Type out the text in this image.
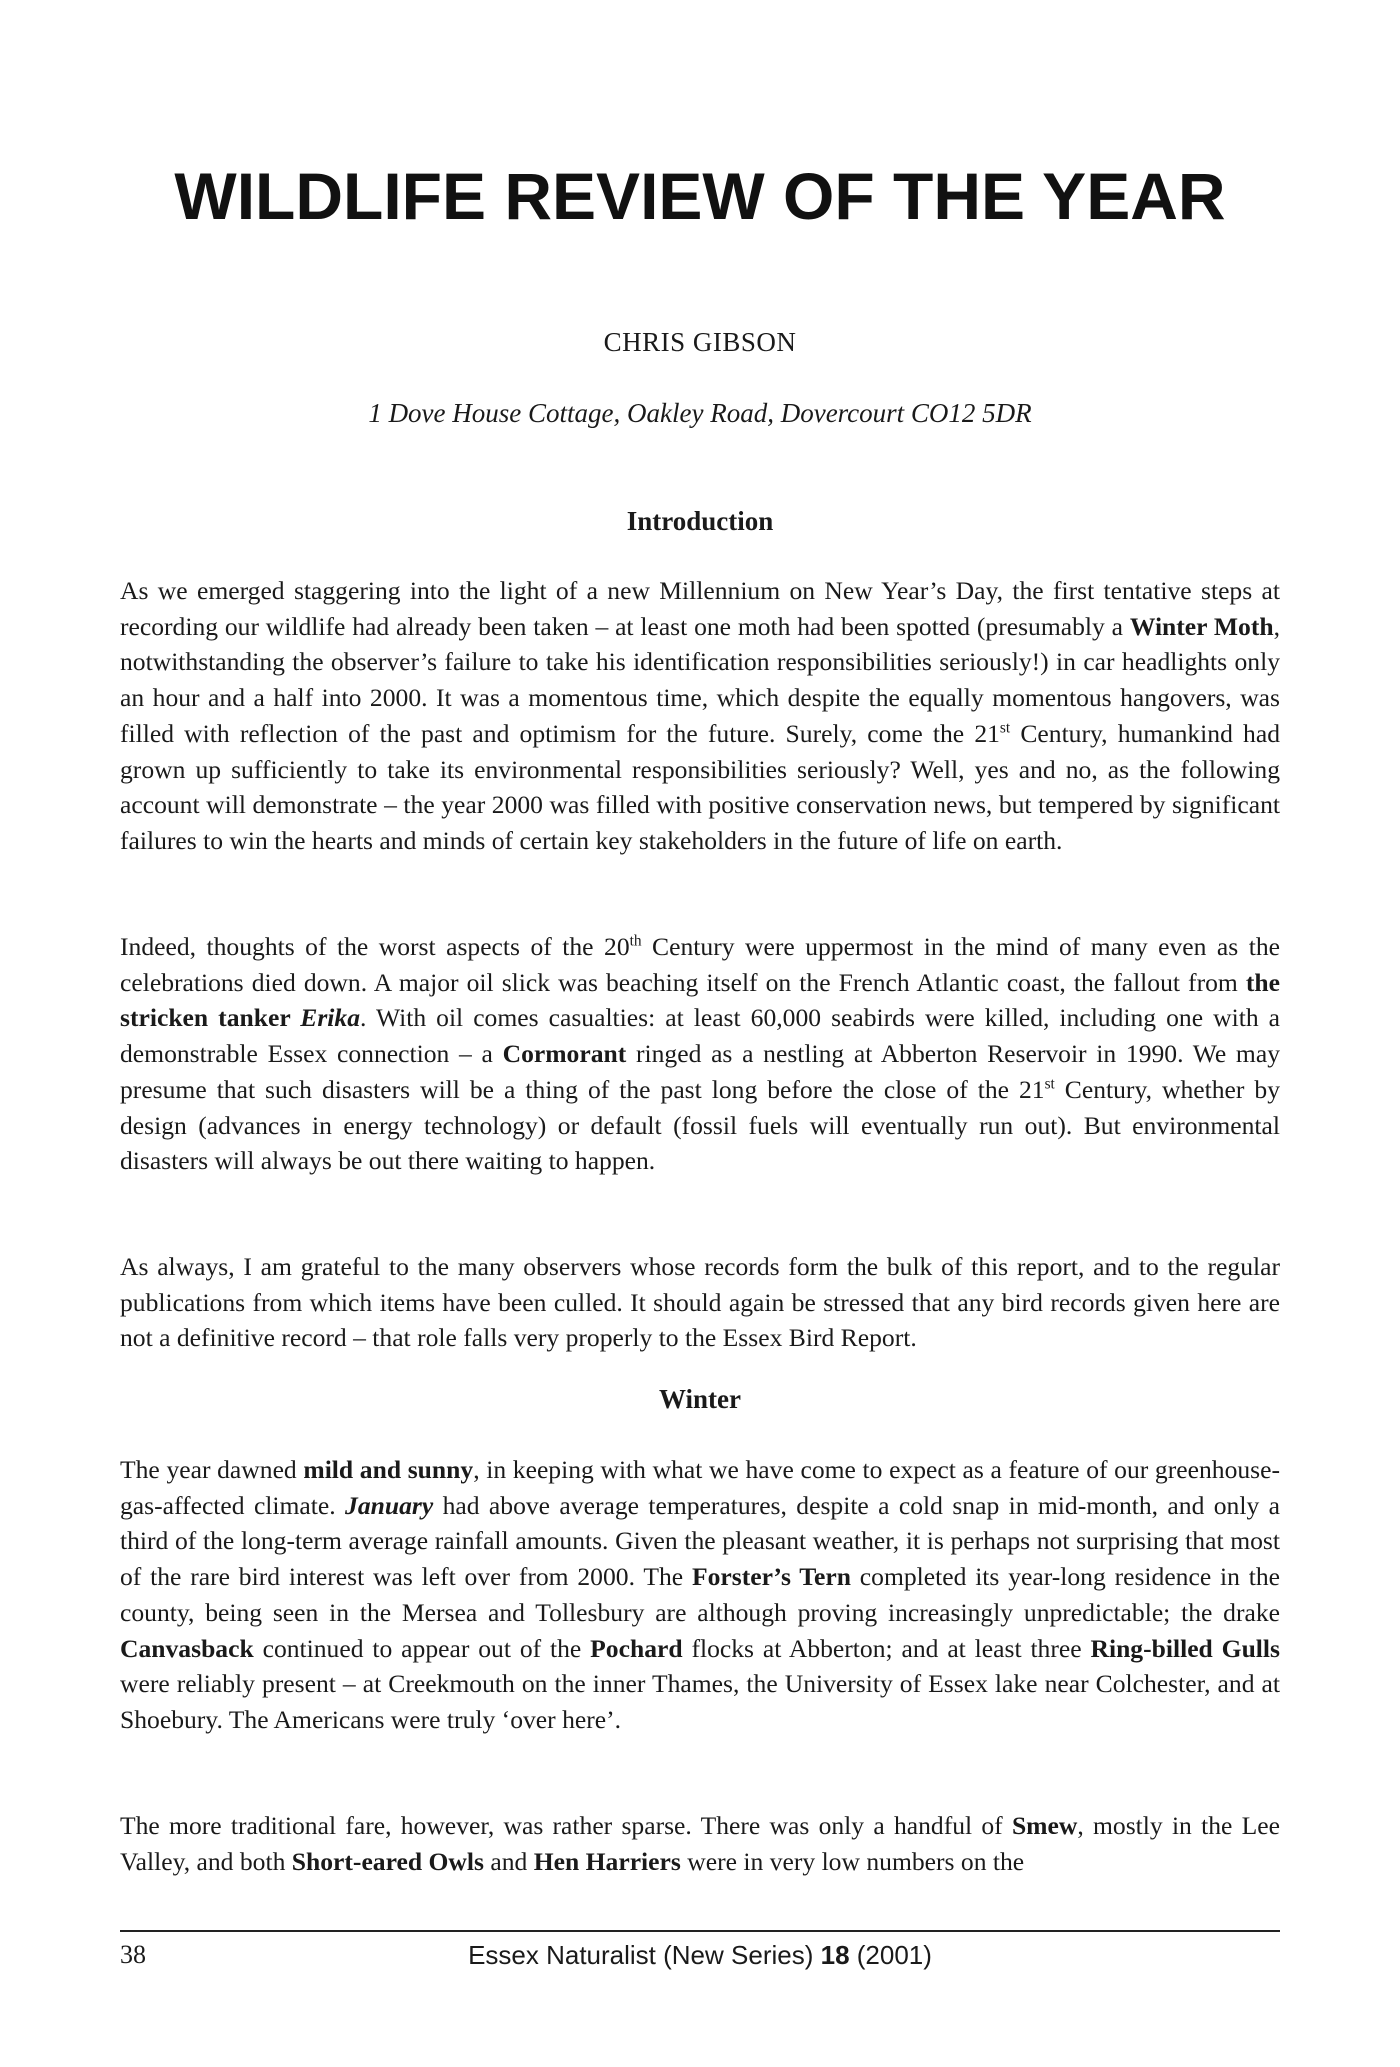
WILDLIFE REVIEW OF THE YEAR
CHRIS GIBSON
1 Dove House Cottage, Oakley Road, Dovercourt CO12 5DR
Introduction

As we emerged staggering into the light of a new Millennium on New Year’s Day, the first tentative steps at recording our wildlife had already been taken – at least one moth had been spotted (presumably a Winter Moth, notwithstanding the observer’s failure to take his identification responsibilities seriously!) in car headlights only an hour and a half into 2000. It was a momentous time, which despite the equally momentous hangovers, was filled with reflection of the past and optimism for the future. Surely, come the 21st Century, humankind had grown up sufficiently to take its environmental responsibilities seriously? Well, yes and no, as the following account will demonstrate – the year 2000 was filled with positive conservation news, but tempered by significant failures to win the hearts and minds of certain key stakeholders in the future of life on earth.

Indeed, thoughts of the worst aspects of the 20th Century were uppermost in the mind of many even as the celebrations died down. A major oil slick was beaching itself on the French Atlantic coast, the fallout from the stricken tanker Erika. With oil comes casualties: at least 60,000 seabirds were killed, including one with a demonstrable Essex connection – a Cormorant ringed as a nestling at Abberton Reservoir in 1990. We may presume that such disasters will be a thing of the past long before the close of the 21st Century, whether by design (advances in energy technology) or default (fossil fuels will eventually run out). But environmental disasters will always be out there waiting to happen.

As always, I am grateful to the many observers whose records form the bulk of this report, and to the regular publications from which items have been culled. It should again be stressed that any bird records given here are not a definitive record – that role falls very properly to the Essex Bird Report.

Winter

The year dawned mild and sunny, in keeping with what we have come to expect as a feature of our greenhouse-gas-affected climate. January had above average temperatures, despite a cold snap in mid-month, and only a third of the long-term average rainfall amounts. Given the pleasant weather, it is perhaps not surprising that most of the rare bird interest was left over from 2000. The Forster’s Tern completed its year-long residence in the county, being seen in the Mersea and Tollesbury are although proving increasingly unpredictable; the drake Canvasback continued to appear out of the Pochard flocks at Abberton; and at least three Ring-billed Gulls were reliably present – at Creekmouth on the inner Thames, the University of Essex lake near Colchester, and at Shoebury. The Americans were truly ‘over here’.

The more traditional fare, however, was rather sparse. There was only a handful of Smew, mostly in the Lee Valley, and both Short-eared Owls and Hen Harriers were in very low numbers on the

38	Essex Naturalist (New Series) 18 (2001)
